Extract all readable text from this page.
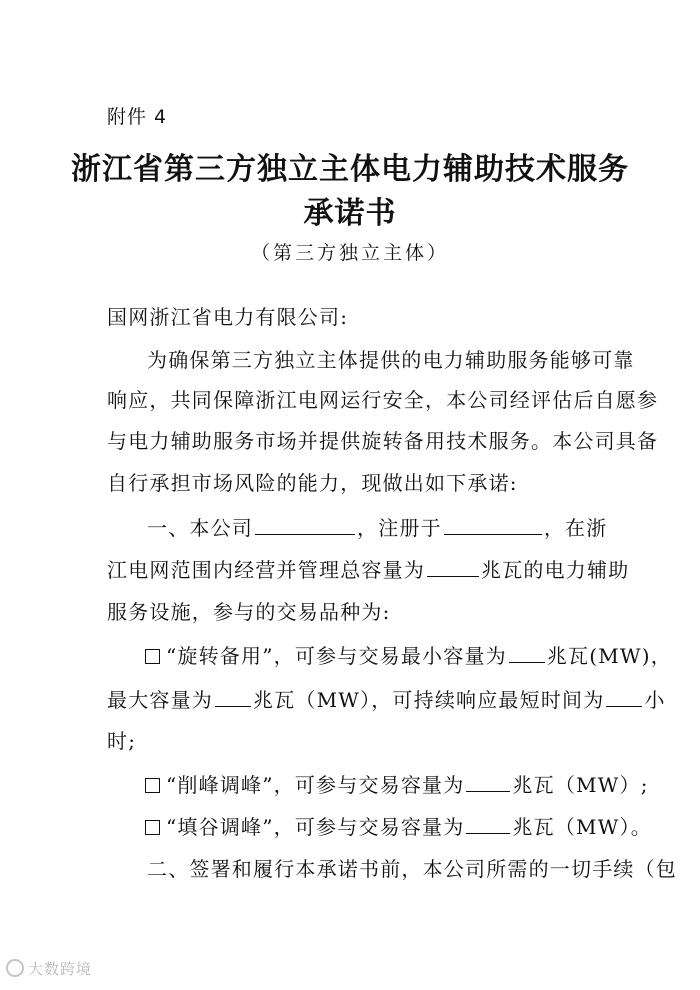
附件 4
浙江省第三方独立主体电力辅助技术服务
承诺书
（第三方独立主体）
国网浙江省电力有限公司:
为确保第三方独立主体提供的电力辅助服务能够可靠
响应，共同保障浙江电网运行安全，本公司经评估后自愿参
与电力辅助服务市场并提供旋转备用技术服务。本公司具备
自行承担市场风险的能力，现做出如下承诺:
一、本公司	，注册于	，在浙
江电网范围内经营并管理总容量为	兆瓦的电力辅助
服务设施，参与的交易品种为:
“旋转备用”，可参与交易最小容量为 兆瓦(MW)，
最大容量为 兆瓦（MW），可持续响应最短时间为 小
时;
“削峰调峰”，可参与交易容量为 兆瓦（MW）;
“填谷调峰”，可参与交易容量为 兆瓦（MW）。
二、签署和履行本承诺书前，本公司所需的一切手续（包
大数跨境
